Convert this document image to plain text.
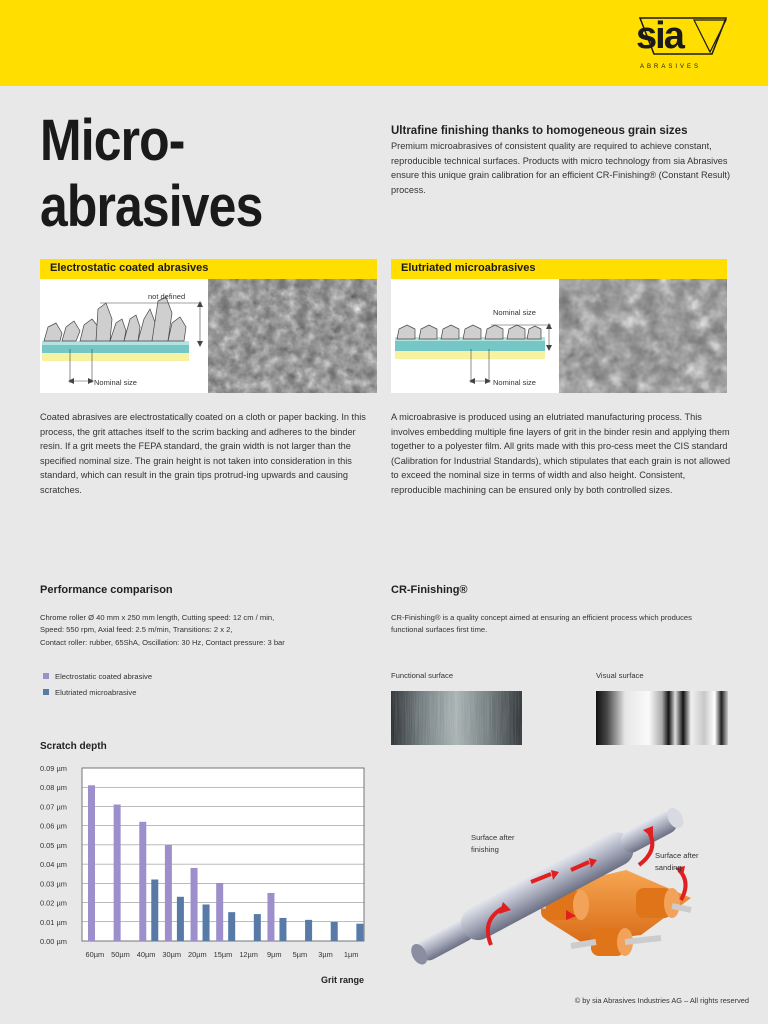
sia
ABRASIVES
Micro-
abrasives
Ultrafine finishing thanks to homogeneous grain sizes

Premium microabrasives of consistent quality are required to achieve constant, reproducible technical surfaces. Products with micro technology from sia Abrasives ensure this unique grain calibration for an efficient CR-Finishing® (Constant Result) process.

Electrostatic coated abrasives
not defined
Nominal size
Coated abrasives are electrostatically coated on a cloth or paper backing. In this process, the grit attaches itself to the scrim backing and adheres to the binder resin. If a grit meets the FEPA standard, the grain width is not larger than the specified nominal size. The grain height is not taken into consideration in this standard, which can result in the grain tips protrud-ing upwards and causing scratches.
Elutriated microabrasives
Nominal size
Nominal size
A microabrasive is produced using an elutriated manufacturing process. This involves embedding multiple fine layers of grit in the binder resin and applying them together to a polyester film. All grits made with this pro-cess meet the CIS standard (Calibration for Industrial Standards), which stipulates that each grain is not allowed to exceed the nominal size in terms of width and also height. Consistent, reproducible machining can be ensured only by both controlled sizes.
Performance comparison
Chrome roller Ø 40 mm x 250 mm length, Cutting speed: 12 cm / min,
Speed: 550 rpm, Axial feed: 2.5 m/min, Transitions: 2 x 2,
Contact roller: rubber, 65ShA, Oscillation: 30 Hz, Contact pressure: 3 bar
Electrostatic coated abrasive
Elutriated microabrasive
Scratch depth
0.00 µm
0.01 µm
0.02 µm
0.03 µm
0.04 µm
0.05 µm
0.06 µm
0.07 µm
0.08 µm
0.09 µm
60µm 50µm 40µm 30µm 20µm 15µm 12µm 9µm 5µm 3µm 1µm
Grit range
CR-Finishing®
CR-Finishing® is a quality concept aimed at ensuring an efficient process which produces
functional surfaces first time.
Functional surface	Visual surface
Surface after
finishing
Surface after
sanding
© by sia Abrasives Industries AG – All rights reserved
